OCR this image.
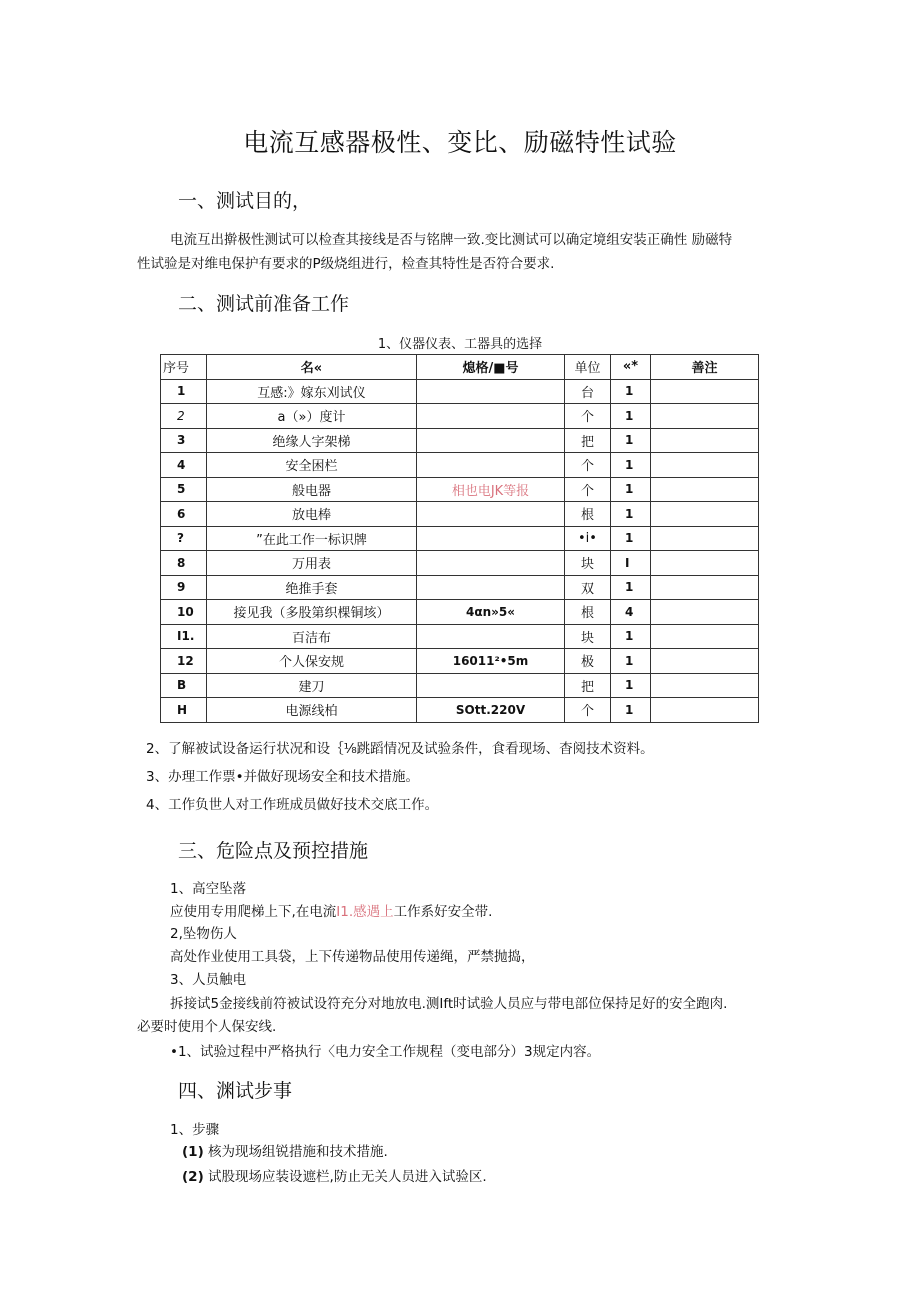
电流互感器极性、变比、励磁特性试验
一、测试目的，
电流互出擀极性测试可以检查其接线是否与铭牌一致.变比测试可以确定境组安装正确性 励磁特
性试验是对维电保护有要求的P级烧组进行，检查其特性是否符合要求.
二、测试前准备工作
1、仪器仪表、工器具的选择
序号	名«	熄格/■号	单位	«*	善注
1	互感:》嫁东刈试仪		台	1	
2	a（»）度计		个	1	
3	绝缘人字架梯		把	1	
4	安全困栏		个	1	
5	般电器	相也电JK等报	个	1	
6	放电棒		根	1	
?	”在此工作一标识牌		•i•	1	
8	万用表		块	I	
9	绝推手套		双	1	
10	接见我（多股第织棵铜垓）	4αn»5«	根	4	
I1.	百洁布		块	1	
12	个人保安规	16011²•5m	极	1	
B	建刀		把	1	
H	电源线柏	SOtt.220V	个	1	
2、了解被试设备运行状况和设｛⅛跳蹈情况及试验条件，食看现场、杳阅技术资料。
3、办理工作票•并做好现场安全和技术措施。
4、工作负世人对工作班成员做好技术交底工作。
三、危险点及预控措施
1、高空坠落
应使用专用爬梯上下,在电流I1.感遇上工作系好安全带.
2,坠物伤人
高处作业使用工具袋，上下传递物品使用传递绳，严禁抛捣，
3、人员触电
拆接试5金接线前符被试设符充分对地放电.测Ift时试验人员应与带电部位保持足好的安全跑肉.
必要时使用个人保安线.
•1、试验过程中严格执行〈电力安全工作规程（变电部分）3规定内容。
四、渊试步事
1、步骤
(1) 核为现场组锐措施和技术措施.
(2) 试股现场应装设遮栏,防止无关人员进入试验区.
